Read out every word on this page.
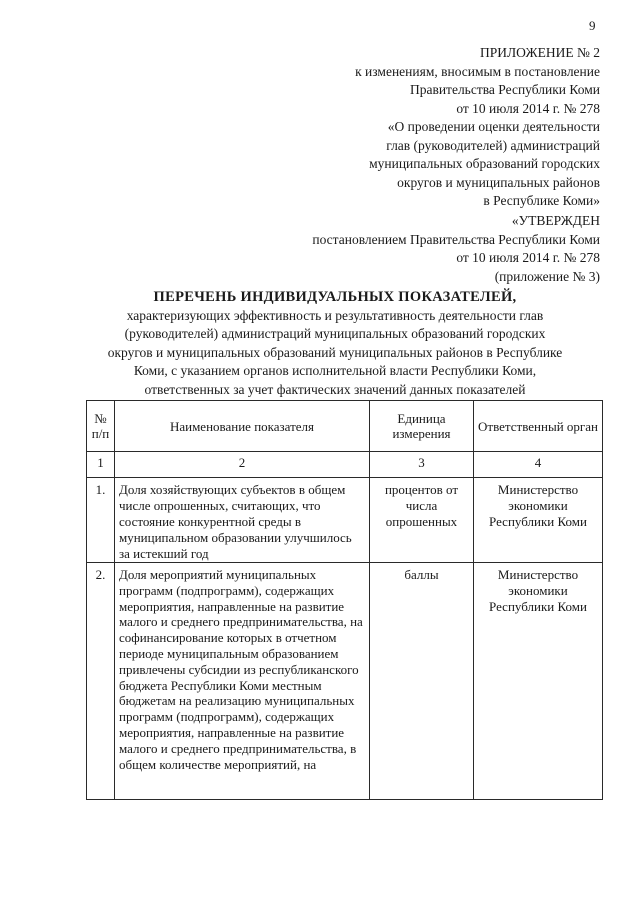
9
ПРИЛОЖЕНИЕ № 2
к изменениям, вносимым в постановление
Правительства Республики Коми
от 10 июля 2014 г. № 278
«О проведении оценки деятельности
глав (руководителей) администраций
муниципальных образований городских
округов и муниципальных районов
в Республике Коми»
«УТВЕРЖДЕН
постановлением Правительства Республики Коми
от 10 июля 2014 г. № 278
(приложение № 3)
ПЕРЕЧЕНЬ ИНДИВИДУАЛЬНЫХ ПОКАЗАТЕЛЕЙ,
характеризующих эффективность и результативность деятельности глав
(руководителей) администраций муниципальных образований городских
округов и муниципальных образований муниципальных районов в Республике
Коми, с указанием органов исполнительной власти Республики Коми,
ответственных за учет фактических значений данных показателей
№ п/п	Наименование показателя	Единица измерения	Ответственный орган
1	2	3	4
1.	Доля хозяйствующих субъектов в общем числе опрошенных, считающих, что состояние конкурентной среды в муниципальном образовании улучшилось за истекший год	процентов от числа опрошенных	Министерство экономики Республики Коми
2.	Доля мероприятий муниципальных программ (подпрограмм), содержащих мероприятия, направленные на развитие малого и среднего предпринимательства, на софинансирование которых в отчетном периоде муниципальным образованием привлечены субсидии из республиканского бюджета Республики Коми местным бюджетам на реализацию муниципальных программ (подпрограмм), содержащих мероприятия, направленные на развитие малого и среднего предпринимательства, в общем количестве мероприятий, на	баллы	Министерство экономики Республики Коми
